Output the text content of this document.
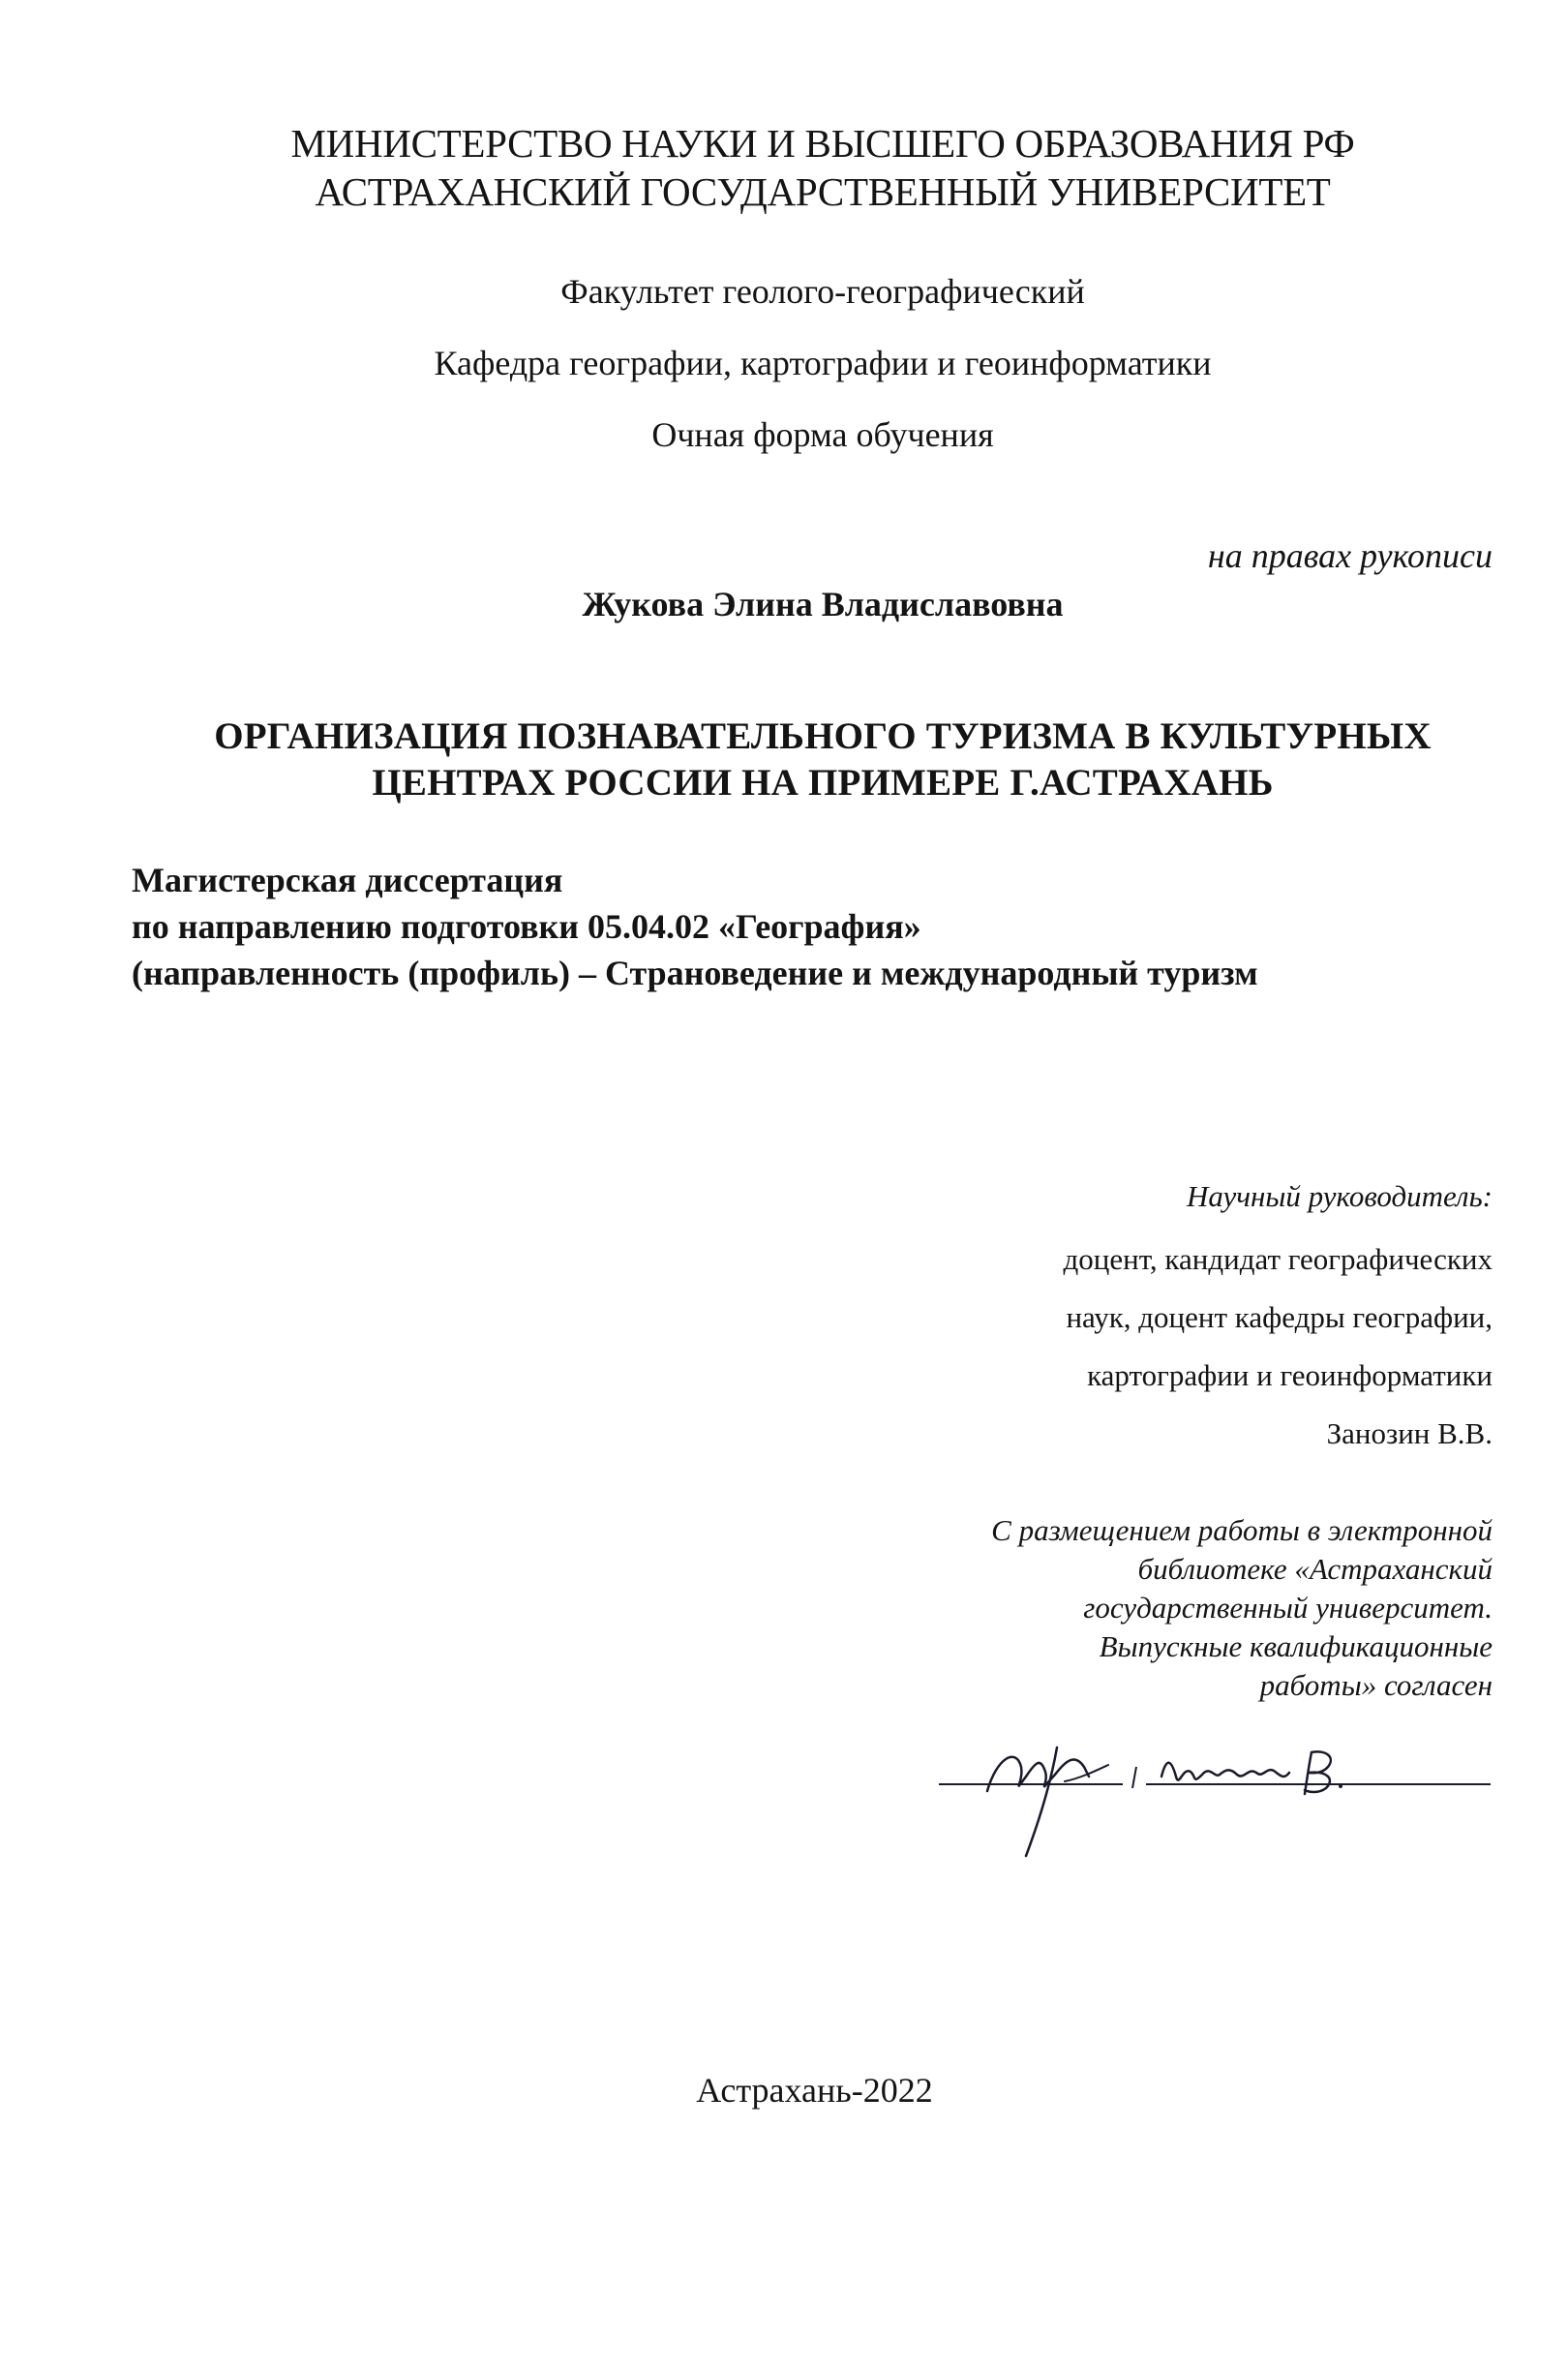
МИНИСТЕРСТВО НАУКИ И ВЫСШЕГО ОБРАЗОВАНИЯ РФ

АСТРАХАНСКИЙ ГОСУДАРСТВЕННЫЙ УНИВЕРСИТЕТ

Факультет геолого-географический

Кафедра географии, картографии и геоинформатики

Очная форма обучения

на правах рукописи

Жукова Элина Владиславовна

ОРГАНИЗАЦИЯ ПОЗНАВАТЕЛЬНОГО ТУРИЗМА В КУЛЬТУРНЫХ

ЦЕНТРАХ РОССИИ НА ПРИМЕРЕ Г.АСТРАХАНЬ

Магистерская диссертация

по направлению подготовки 05.04.02 «География»

(направленность (профиль) – Страноведение и международный туризм

Научный руководитель:

доцент, кандидат географических

наук, доцент кафедры географии,

картографии и геоинформатики

Занозин В.В.

С размещением работы в электронной

библиотеке «Астраханский

государственный университет.

Выпускные квалификационные

работы» согласен

Астрахань-2022
